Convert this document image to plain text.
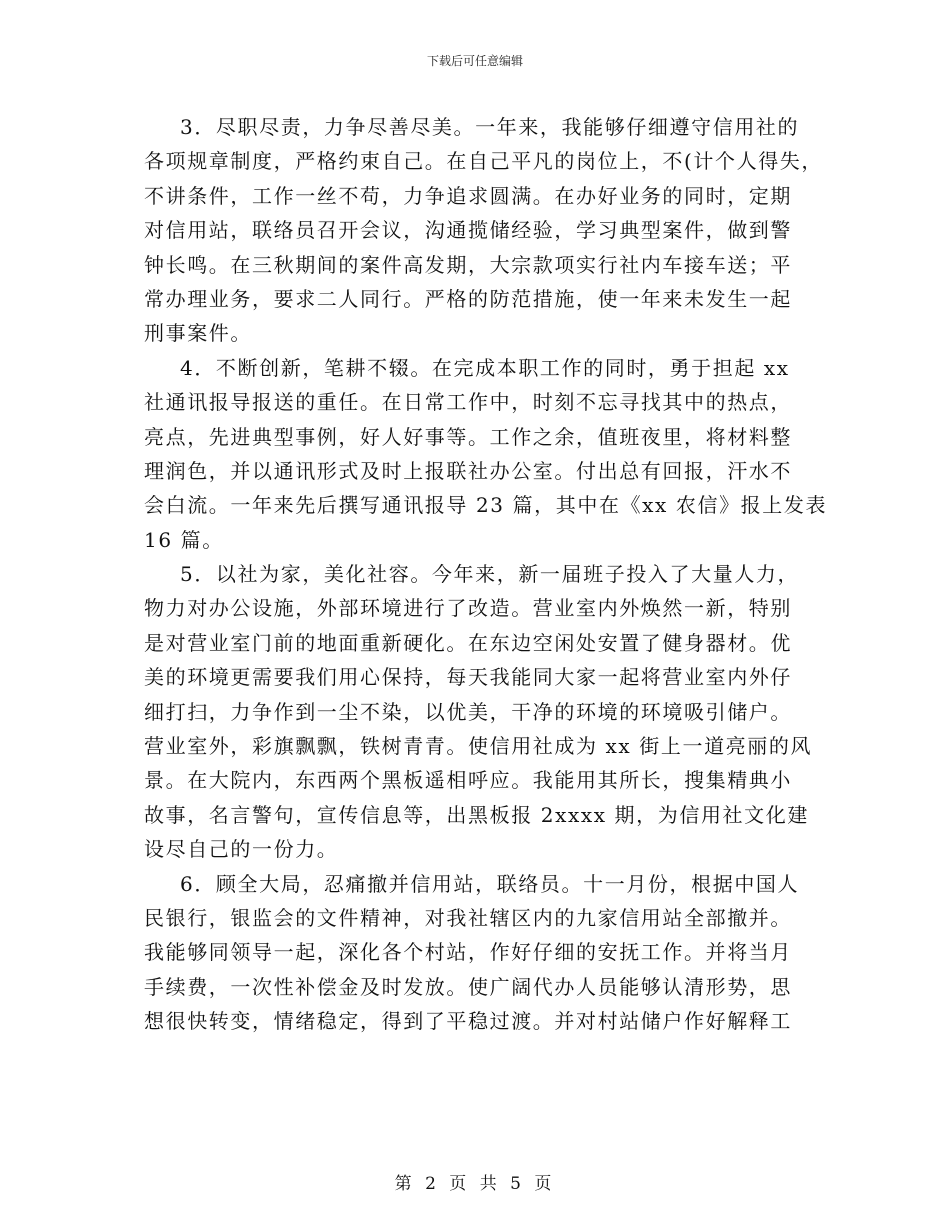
下载后可任意编辑
3．尽职尽责，力争尽善尽美。一年来，我能够仔细遵守信用社的
各项规章制度，严格约束自己。在自己平凡的岗位上，不(计个人得失，
不讲条件，工作一丝不苟，力争追求圆满。在办好业务的同时，定期
对信用站，联络员召开会议，沟通揽储经验，学习典型案件，做到警
钟长鸣。在三秋期间的案件高发期，大宗款项实行社内车接车送；平
常办理业务，要求二人同行。严格的防范措施，使一年来未发生一起
刑事案件。
4．不断创新，笔耕不辍。在完成本职工作的同时，勇于担起 xx
社通讯报导报送的重任。在日常工作中，时刻不忘寻找其中的热点，
亮点，先进典型事例，好人好事等。工作之余，值班夜里，将材料整
理润色，并以通讯形式及时上报联社办公室。付出总有回报，汗水不
会白流。一年来先后撰写通讯报导 23 篇，其中在《xx 农信》报上发表
16 篇。
5．以社为家，美化社容。今年来，新一届班子投入了大量人力，
物力对办公设施，外部环境进行了改造。营业室内外焕然一新，特别
是对营业室门前的地面重新硬化。在东边空闲处安置了健身器材。优
美的环境更需要我们用心保持，每天我能同大家一起将营业室内外仔
细打扫，力争作到一尘不染，以优美，干净的环境的环境吸引储户。
营业室外，彩旗飘飘，铁树青青。使信用社成为 xx 街上一道亮丽的风
景。在大院内，东西两个黑板遥相呼应。我能用其所长，搜集精典小
故事，名言警句，宣传信息等，出黑板报 2xxxx 期，为信用社文化建
设尽自己的一份力。
6．顾全大局，忍痛撤并信用站，联络员。十一月份，根据中国人
民银行，银监会的文件精神，对我社辖区内的九家信用站全部撤并。
我能够同领导一起，深化各个村站，作好仔细的安抚工作。并将当月
手续费，一次性补偿金及时发放。使广阔代办人员能够认清形势，思
想很快转变，情绪稳定，得到了平稳过渡。并对村站储户作好解释工
第 2 页 共 5 页
